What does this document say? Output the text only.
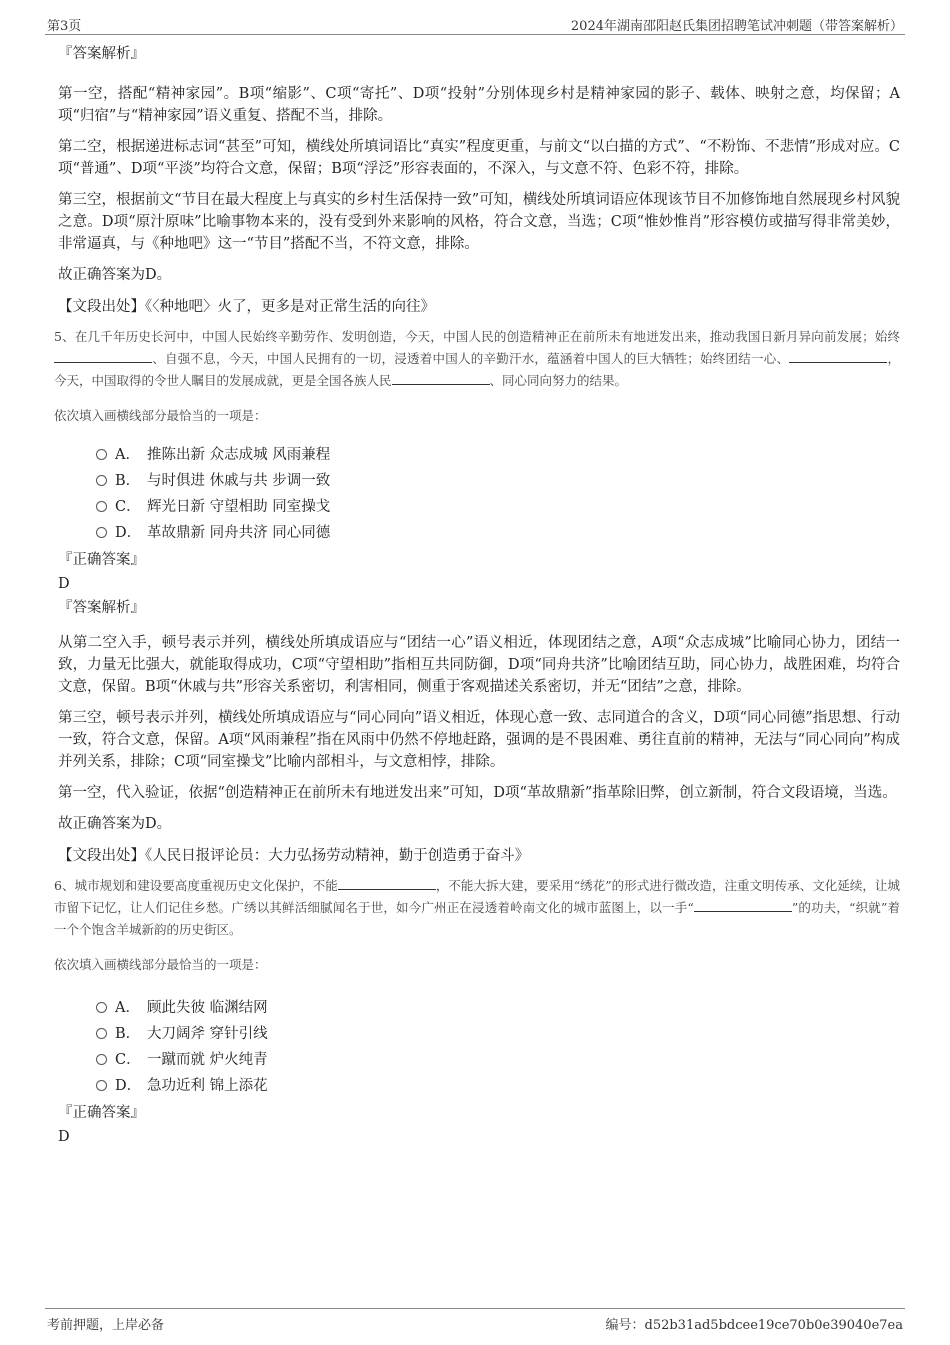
第3页	2024年湖南邵阳赵氏集团招聘笔试冲刺题（带答案解析）

『答案解析』

第一空，搭配“精神家园”。B项“缩影”、C项“寄托”、D项“投射”分别体现乡村是精神家园的影子、载体、映射之意，均保留；A项“归宿”与“精神家园”语义重复、搭配不当，排除。

第二空，根据递进标志词“甚至”可知，横线处所填词语比“真实”程度更重，与前文“以白描的方式”、“不粉饰、不悲情”形成对应。C项“普通”、D项“平淡”均符合文意，保留；B项“浮泛”形容表面的，不深入，与文意不符、色彩不符，排除。

第三空，根据前文“节目在最大程度上与真实的乡村生活保持一致”可知，横线处所填词语应体现该节目不加修饰地自然展现乡村风貌之意。D项“原汁原味”比喻事物本来的，没有受到外来影响的风格，符合文意，当选；C项“惟妙惟肖”形容模仿或描写得非常美妙，非常逼真，与《种地吧》这一“节目”搭配不当，不符文意，排除。

故正确答案为D。

【文段出处】《〈种地吧〉火了，更多是对正常生活的向往》

5、在几千年历史长河中，中国人民始终辛勤劳作、发明创造，今天，中国人民的创造精神正在前所未有地迸发出来，推动我国日新月异向前发展；始终、自强不息，今天，中国人民拥有的一切，浸透着中国人的辛勤汗水，蕴涵着中国人的巨大牺牲；始终团结一心、	，今天，中国取得的令世人瞩目的发展成就，更是全国各族人民	、同心同向努力的结果。

依次填入画横线部分最恰当的一项是：

A． 推陈出新 众志成城 风雨兼程
B． 与时俱进 休戚与共 步调一致
C． 辉光日新 守望相助 同室操戈
D． 革故鼎新 同舟共济 同心同德

『正确答案』

D

『答案解析』

从第二空入手，顿号表示并列，横线处所填成语应与“团结一心”语义相近，体现团结之意，A项“众志成城”比喻同心协力，团结一致，力量无比强大，就能取得成功，C项“守望相助”指相互共同防御，D项“同舟共济”比喻团结互助，同心协力，战胜困难，均符合文意，保留。B项“休戚与共”形容关系密切，利害相同，侧重于客观描述关系密切，并无“团结”之意，排除。

第三空，顿号表示并列，横线处所填成语应与“同心同向”语义相近，体现心意一致、志同道合的含义，D项“同心同德”指思想、行动一致，符合文意，保留。A项“风雨兼程”指在风雨中仍然不停地赶路，强调的是不畏困难、勇往直前的精神，无法与“同心同向”构成并列关系，排除；C项“同室操戈”比喻内部相斗，与文意相悖，排除。

第一空，代入验证，依据“创造精神正在前所未有地迸发出来”可知，D项“革故鼎新”指革除旧弊，创立新制，符合文段语境，当选。

故正确答案为D。

【文段出处】《人民日报评论员：大力弘扬劳动精神，勤于创造勇于奋斗》

6、城市规划和建设要高度重视历史文化保护，不能	，不能大拆大建，要采用“绣花”的形式进行微改造，注重文明传承、文化延续，让城市留下记忆，让人们记住乡愁。广绣以其鲜活细腻闻名于世，如今广州正在浸透着岭南文化的城市蓝图上，以一手“	”的功夫，“织就”着一个个饱含羊城新韵的历史街区。

依次填入画横线部分最恰当的一项是：

A． 顾此失彼 临渊结网
B． 大刀阔斧 穿针引线
C． 一蹴而就 炉火纯青
D． 急功近利 锦上添花

『正确答案』

D

考前押题，上岸必备	编号：d52b31ad5bdcee19ce70b0e39040e7ea
